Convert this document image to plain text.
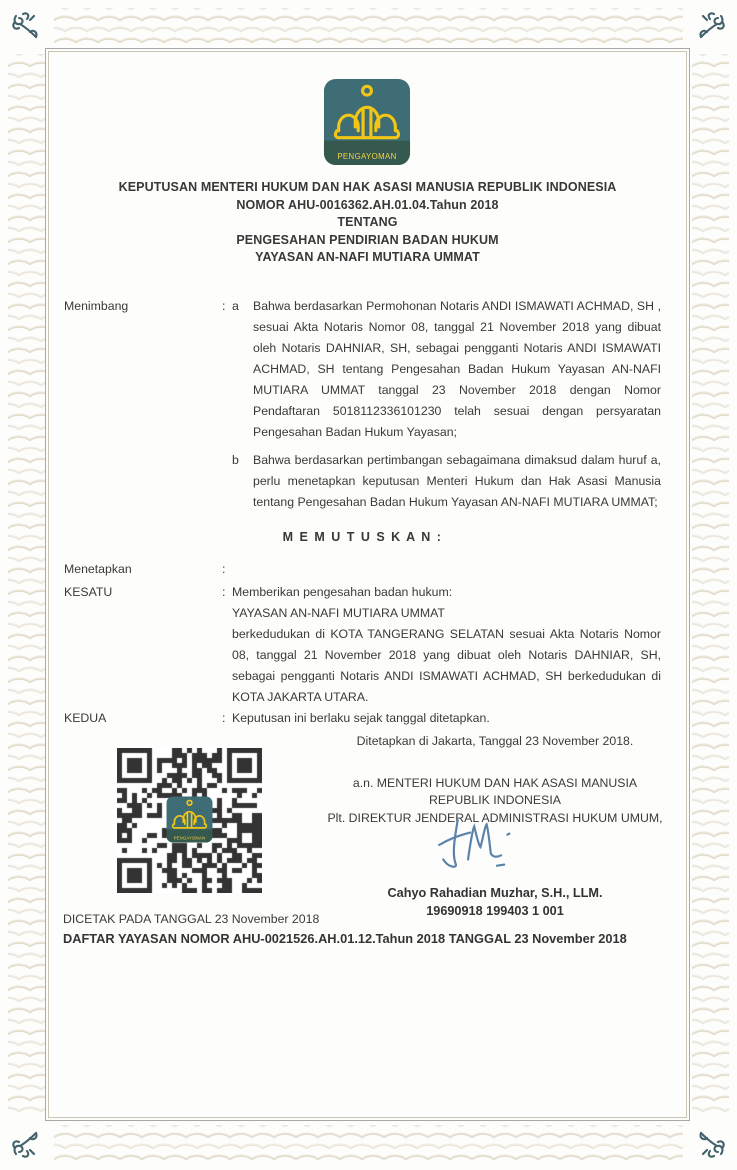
KEPUTUSAN MENTERI HUKUM DAN HAK ASASI MANUSIA REPUBLIK INDONESIA
NOMOR AHU-0016362.AH.01.04.Tahun 2018
TENTANG
PENGESAHAN PENDIRIAN BADAN HUKUM
YAYASAN AN-NAFI MUTIARA UMMAT
Menimbang	: a	Bahwa berdasarkan Permohonan Notaris ANDI ISMAWATI ACHMAD, SH , sesuai Akta Notaris Nomor 08, tanggal 21 November 2018 yang dibuat oleh Notaris DAHNIAR, SH, sebagai pengganti Notaris ANDI ISMAWATI ACHMAD, SH tentang Pengesahan Badan Hukum Yayasan AN-NAFI MUTIARA UMMAT tanggal 23 November 2018 dengan Nomor Pendaftaran 5018112336101230 telah sesuai dengan persyaratan Pengesahan Badan Hukum Yayasan;
b	Bahwa berdasarkan pertimbangan sebagaimana dimaksud dalam huruf a, perlu menetapkan keputusan Menteri Hukum dan Hak Asasi Manusia tentang Pengesahan Badan Hukum Yayasan AN-NAFI MUTIARA UMMAT;
M E M U T U S K A N :
Menetapkan	:
KESATU	: Memberikan pengesahan badan hukum:
YAYASAN AN-NAFI MUTIARA UMMAT
berkedudukan di KOTA TANGERANG SELATAN sesuai Akta Notaris Nomor 08, tanggal 21 November 2018 yang dibuat oleh Notaris DAHNIAR, SH, sebagai pengganti Notaris ANDI ISMAWATI ACHMAD, SH berkedudukan di KOTA JAKARTA UTARA.
KEDUA	: Keputusan ini berlaku sejak tanggal ditetapkan.
Ditetapkan di Jakarta, Tanggal 23 November 2018.
a.n. MENTERI HUKUM DAN HAK ASASI MANUSIA
REPUBLIK INDONESIA
Plt. DIREKTUR JENDERAL ADMINISTRASI HUKUM UMUM,
Cahyo Rahadian Muzhar, S.H., LLM.
19690918 199403 1 001
DICETAK PADA TANGGAL 23 November 2018
DAFTAR YAYASAN NOMOR AHU-0021526.AH.01.12.Tahun 2018 TANGGAL 23 November 2018
